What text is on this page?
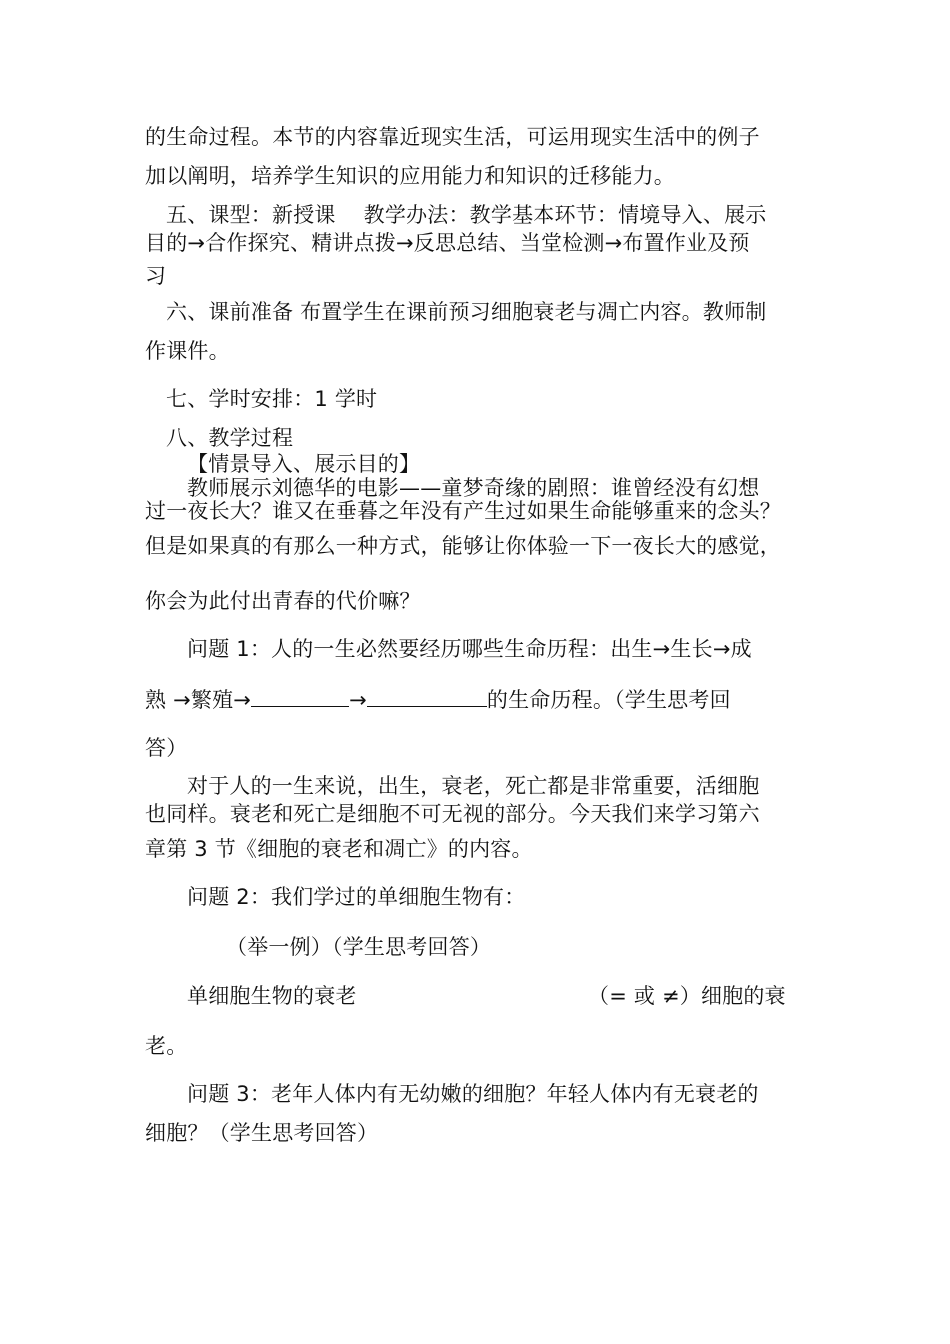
的生命过程。本节的内容靠近现实生活，可运用现实生活中的例子
加以阐明，培养学生知识的应用能力和知识的迁移能力。
五、课型：新授课　 教学办法：教学基本环节：情境导入、展示
目的→合作探究、精讲点拨→反思总结、当堂检测→布置作业及预
习
六、课前准备 布置学生在课前预习细胞衰老与凋亡内容。教师制
作课件。
七、学时安排：1 学时
八、教学过程
【情景导入、展示目的】
教师展示刘德华的电影——童梦奇缘的剧照：谁曾经没有幻想
过一夜长大？谁又在垂暮之年没有产生过如果生命能够重来的念头？
但是如果真的有那么一种方式，能够让你体验一下一夜长大的感觉，
你会为此付出青春的代价嘛？
问题 1：人的一生必然要经历哪些生命历程：出生→生长→成
熟 →繁殖→	→	的生命历程。（学生思考回
答）
对于人的一生来说，出生，衰老，死亡都是非常重要，活细胞
也同样。衰老和死亡是细胞不可无视的部分。今天我们来学习第六
章第 3 节《细胞的衰老和凋亡》的内容。
问题 2：我们学过的单细胞生物有：
（举一例）（学生思考回答）
单细胞生物的衰老	（= 或 ≠）细胞的衰
老。
问题 3：老年人体内有无幼嫩的细胞？年轻人体内有无衰老的
细胞？（学生思考回答）
